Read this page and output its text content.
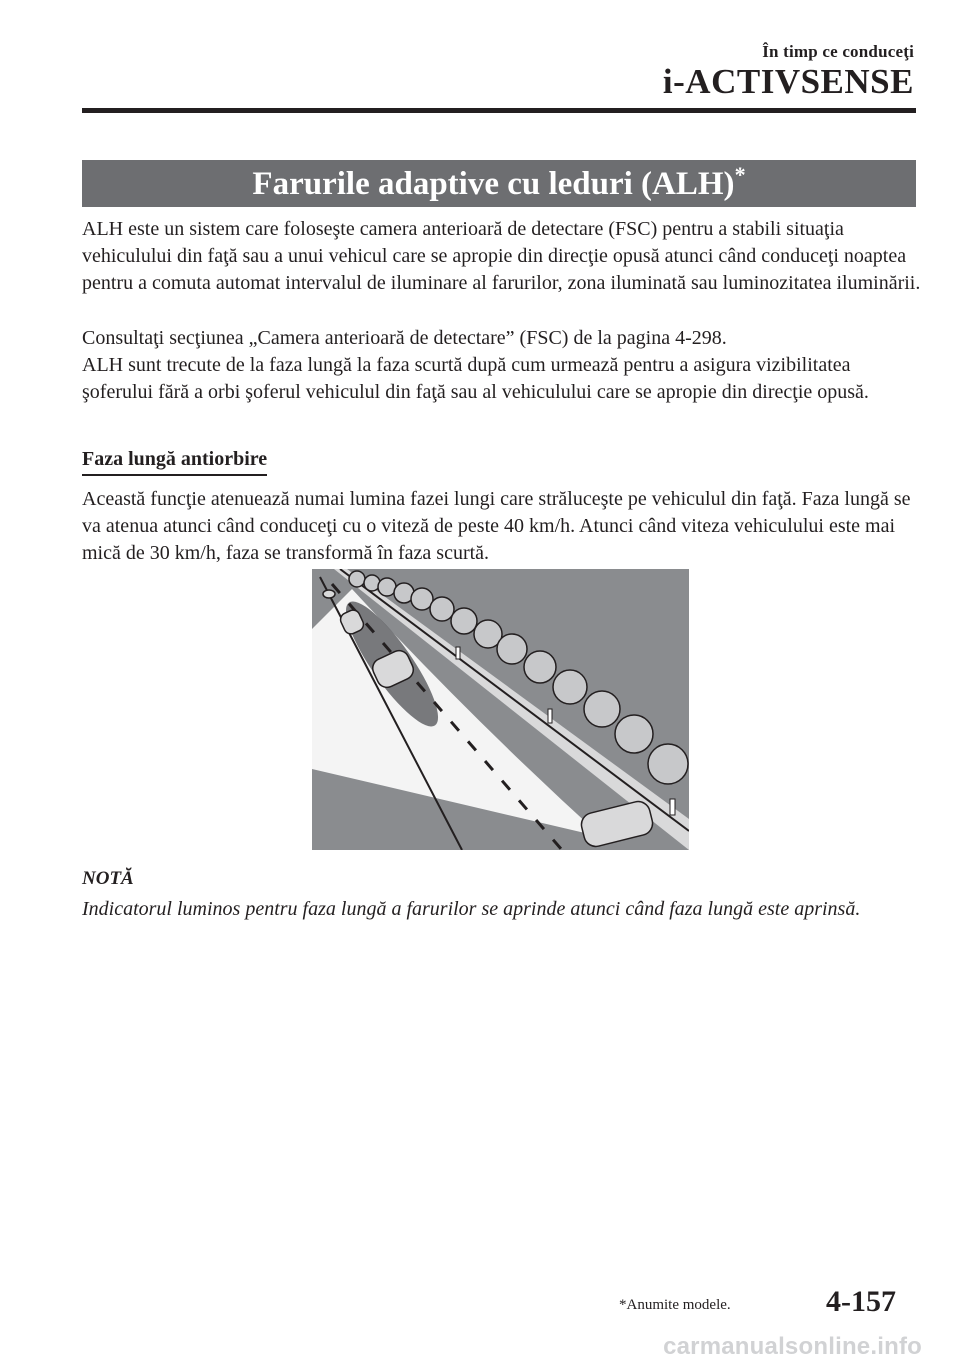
În timp ce conduceţi
i-ACTIVSENSE
Farurile adaptive cu leduri (ALH)*

ALH este un sistem care foloseşte camera anterioară de detectare (FSC) pentru a stabili situaţia vehiculului din faţă sau a unui vehicul care se apropie din direcţie opusă atunci când conduceţi noaptea pentru a comuta automat intervalul de iluminare al farurilor, zona iluminată sau luminozitatea iluminării.

Consultaţi secţiunea „Camera anterioară de detectare” (FSC) de la pagina 4-298.

ALH sunt trecute de la faza lungă la faza scurtă după cum urmează pentru a asigura vizibilitatea şoferului fără a orbi şoferul vehiculul din faţă sau al vehiculului care se apropie din direcţie opusă.

Faza lungă antiorbire

Această funcţie atenuează numai lumina fazei lungi care străluceşte pe vehiculul din faţă. Faza lungă se va atenua atunci când conduceţi cu o viteză de peste 40 km/h. Atunci când viteza vehiculului este mai mică de 30 km/h, faza se transformă în faza scurtă.

NOTĂ

Indicatorul luminos pentru faza lungă a farurilor se aprinde atunci când faza lungă este aprinsă.

*Anumite modele.	4-157
carmanualsonline.info
